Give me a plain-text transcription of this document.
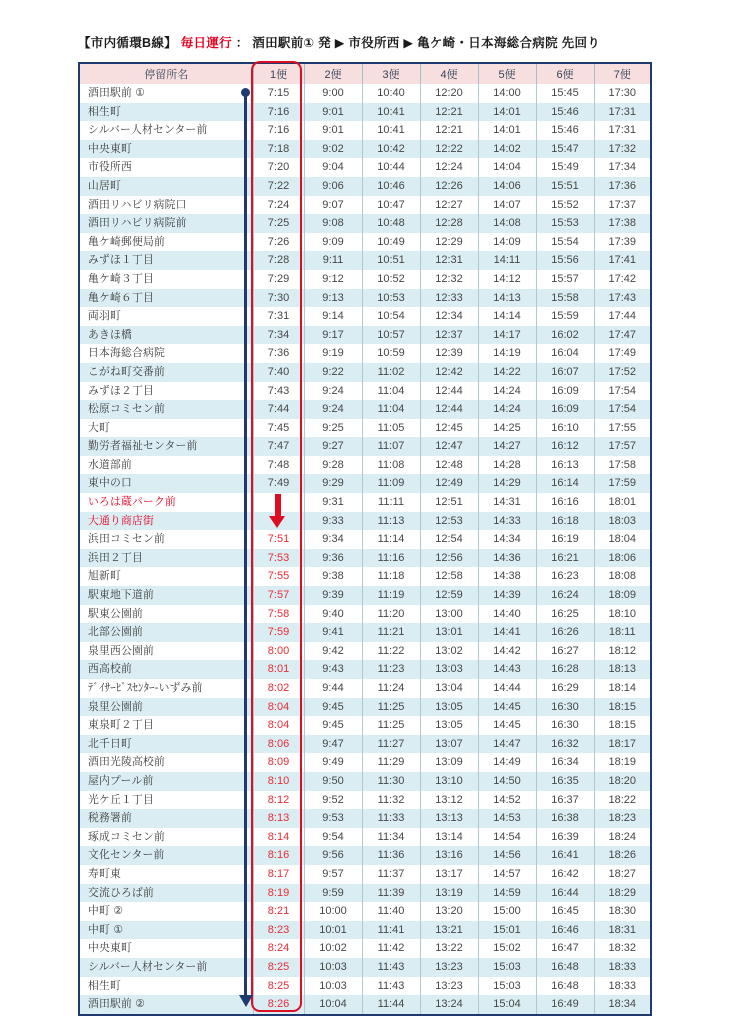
【市内循環B線】 毎日運行 ： 酒田駅前① 発 ▶ 市役所西 ▶ 亀ケ崎・日本海総合病院 先回り
停留所名	1便	2便	3便	4便	5便	6便	7便
酒田駅前 ①	7:15	9:00	10:40	12:20	14:00	15:45	17:30
相生町	7:16	9:01	10:41	12:21	14:01	15:46	17:31
シルバー人材センター前	7:16	9:01	10:41	12:21	14:01	15:46	17:31
中央東町	7:18	9:02	10:42	12:22	14:02	15:47	17:32
市役所西	7:20	9:04	10:44	12:24	14:04	15:49	17:34
山居町	7:22	9:06	10:46	12:26	14:06	15:51	17:36
酒田リハビリ病院口	7:24	9:07	10:47	12:27	14:07	15:52	17:37
酒田リハビリ病院前	7:25	9:08	10:48	12:28	14:08	15:53	17:38
亀ケ崎郵便局前	7:26	9:09	10:49	12:29	14:09	15:54	17:39
みずほ１丁目	7:28	9:11	10:51	12:31	14:11	15:56	17:41
亀ケ崎３丁目	7:29	9:12	10:52	12:32	14:12	15:57	17:42
亀ケ崎６丁目	7:30	9:13	10:53	12:33	14:13	15:58	17:43
両羽町	7:31	9:14	10:54	12:34	14:14	15:59	17:44
あきほ橋	7:34	9:17	10:57	12:37	14:17	16:02	17:47
日本海総合病院	7:36	9:19	10:59	12:39	14:19	16:04	17:49
こがね町交番前	7:40	9:22	11:02	12:42	14:22	16:07	17:52
みずほ２丁目	7:43	9:24	11:04	12:44	14:24	16:09	17:54
松原コミセン前	7:44	9:24	11:04	12:44	14:24	16:09	17:54
大町	7:45	9:25	11:05	12:45	14:25	16:10	17:55
勤労者福祉センター前	7:47	9:27	11:07	12:47	14:27	16:12	17:57
水道部前	7:48	9:28	11:08	12:48	14:28	16:13	17:58
東中の口	7:49	9:29	11:09	12:49	14:29	16:14	17:59
いろは蔵パーク前		9:31	11:11	12:51	14:31	16:16	18:01
大通り商店街		9:33	11:13	12:53	14:33	16:18	18:03
浜田コミセン前	7:51	9:34	11:14	12:54	14:34	16:19	18:04
浜田２丁目	7:53	9:36	11:16	12:56	14:36	16:21	18:06
旭新町	7:55	9:38	11:18	12:58	14:38	16:23	18:08
駅東地下道前	7:57	9:39	11:19	12:59	14:39	16:24	18:09
駅東公園前	7:58	9:40	11:20	13:00	14:40	16:25	18:10
北部公園前	7:59	9:41	11:21	13:01	14:41	16:26	18:11
泉里西公園前	8:00	9:42	11:22	13:02	14:42	16:27	18:12
西高校前	8:01	9:43	11:23	13:03	14:43	16:28	18:13
ﾃﾞｲｻｰﾋﾞｽｾﾝﾀｰ-いずみ前	8:02	9:44	11:24	13:04	14:44	16:29	18:14
泉里公園前	8:04	9:45	11:25	13:05	14:45	16:30	18:15
東泉町２丁目	8:04	9:45	11:25	13:05	14:45	16:30	18:15
北千日町	8:06	9:47	11:27	13:07	14:47	16:32	18:17
酒田光陵高校前	8:09	9:49	11:29	13:09	14:49	16:34	18:19
屋内プール前	8:10	9:50	11:30	13:10	14:50	16:35	18:20
光ケ丘１丁目	8:12	9:52	11:32	13:12	14:52	16:37	18:22
税務署前	8:13	9:53	11:33	13:13	14:53	16:38	18:23
琢成コミセン前	8:14	9:54	11:34	13:14	14:54	16:39	18:24
文化センター前	8:16	9:56	11:36	13:16	14:56	16:41	18:26
寿町東	8:17	9:57	11:37	13:17	14:57	16:42	18:27
交流ひろば前	8:19	9:59	11:39	13:19	14:59	16:44	18:29
中町 ②	8:21	10:00	11:40	13:20	15:00	16:45	18:30
中町 ①	8:23	10:01	11:41	13:21	15:01	16:46	18:31
中央東町	8:24	10:02	11:42	13:22	15:02	16:47	18:32
シルバー人材センター前	8:25	10:03	11:43	13:23	15:03	16:48	18:33
相生町	8:25	10:03	11:43	13:23	15:03	16:48	18:33
酒田駅前 ②	8:26	10:04	11:44	13:24	15:04	16:49	18:34
